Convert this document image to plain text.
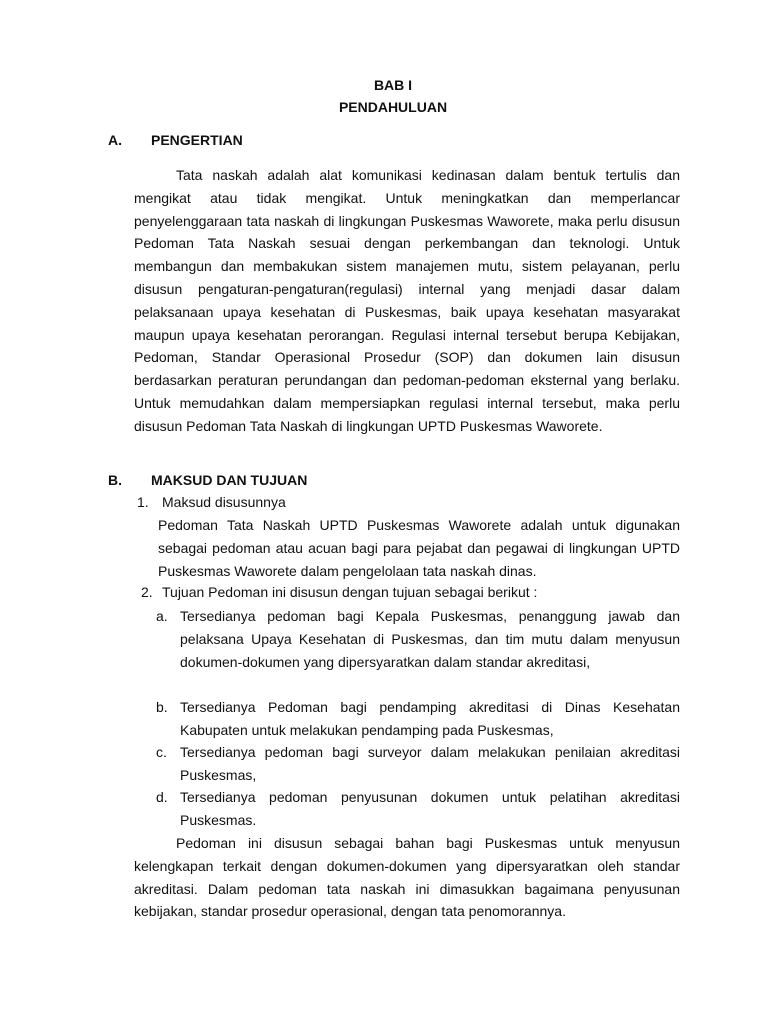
BAB I
PENDAHULUAN
A. PENGERTIAN

Tata naskah adalah alat komunikasi kedinasan dalam bentuk tertulis dan mengikat atau tidak mengikat. Untuk meningkatkan dan memperlancar penyelenggaraan tata naskah di lingkungan Puskesmas Waworete, maka perlu disusun Pedoman Tata Naskah sesuai dengan perkembangan dan teknologi. Untuk membangun dan membakukan sistem manajemen mutu, sistem pelayanan, perlu disusun pengaturan-pengaturan(regulasi) internal yang menjadi dasar dalam pelaksanaan upaya kesehatan di Puskesmas, baik upaya kesehatan masyarakat maupun upaya kesehatan perorangan. Regulasi internal tersebut berupa Kebijakan, Pedoman, Standar Operasional Prosedur (SOP) dan dokumen lain disusun berdasarkan peraturan perundangan dan pedoman-pedoman eksternal yang berlaku. Untuk memudahkan dalam mempersiapkan regulasi internal tersebut, maka perlu disusun Pedoman Tata Naskah di lingkungan UPTD Puskesmas Waworete.

B. MAKSUD DAN TUJUAN
1. Maksud disusunnya

Pedoman Tata Naskah UPTD Puskesmas Waworete adalah untuk digunakan sebagai pedoman atau acuan bagi para pejabat dan pegawai di lingkungan UPTD Puskesmas Waworete dalam pengelolaan tata naskah dinas.

2. Tujuan Pedoman ini disusun dengan tujuan sebagai berikut :
a. Tersedianya pedoman bagi Kepala Puskesmas, penanggung jawab dan pelaksana Upaya Kesehatan di Puskesmas, dan tim mutu dalam menyusun dokumen-dokumen yang dipersyaratkan dalam standar akreditasi,

b. Tersedianya Pedoman bagi pendamping akreditasi di Dinas Kesehatan Kabupaten untuk melakukan pendamping pada Puskesmas,

c. Tersedianya pedoman bagi surveyor dalam melakukan penilaian akreditasi Puskesmas,

d. Tersedianya pedoman penyusunan dokumen untuk pelatihan akreditasi Puskesmas.

Pedoman ini disusun sebagai bahan bagi Puskesmas untuk menyusun kelengkapan terkait dengan dokumen-dokumen yang dipersyaratkan oleh standar akreditasi. Dalam pedoman tata naskah ini dimasukkan bagaimana penyusunan kebijakan, standar prosedur operasional, dengan tata penomorannya.
